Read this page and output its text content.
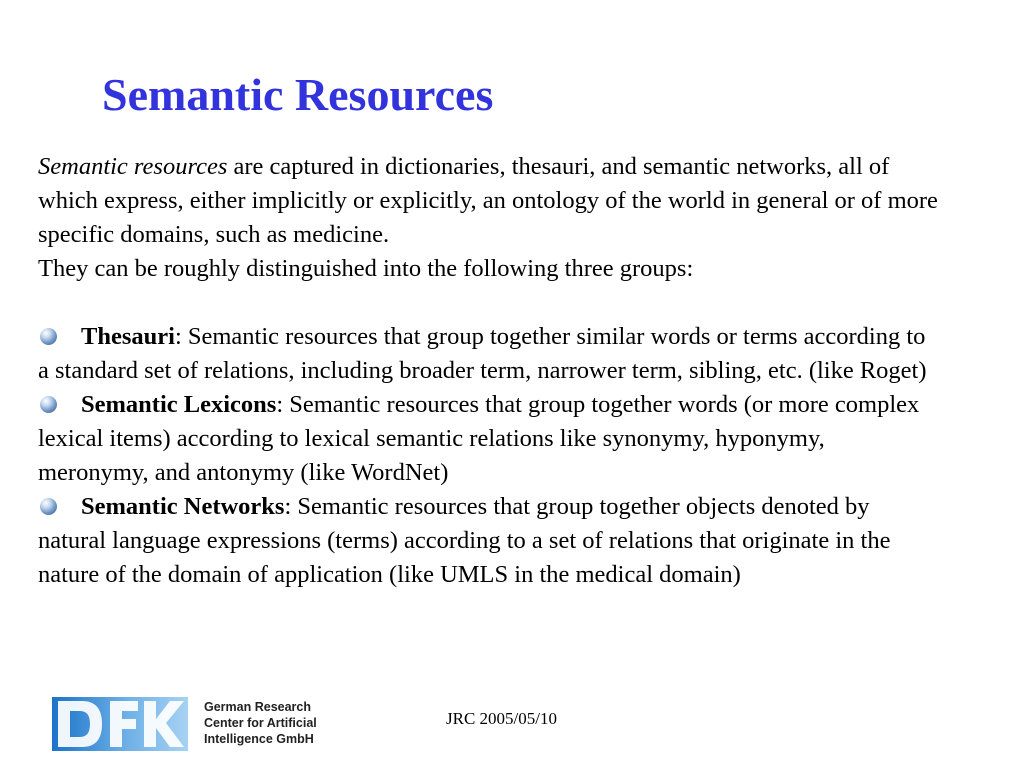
Semantic Resources

Semantic resources are captured in dictionaries, thesauri, and semantic networks, all of which express, either implicitly or explicitly, an ontology of the world in general or of more specific domains, such as medicine.

They can be roughly distinguished into the following three groups:

Thesauri: Semantic resources that group together similar words or terms according to a standard set of relations, including broader term, narrower term, sibling, etc. (like Roget)

Semantic Lexicons: Semantic resources that group together words (or more complex lexical items) according to lexical semantic relations like synonymy, hyponymy, meronymy, and antonymy (like WordNet)

Semantic Networks: Semantic resources that group together objects denoted by natural language expressions (terms) according to a set of relations that originate in the nature of the domain of application (like UMLS in the medical domain)

German Research
Center for Artificial
Intelligence GmbH
JRC 2005/05/10
